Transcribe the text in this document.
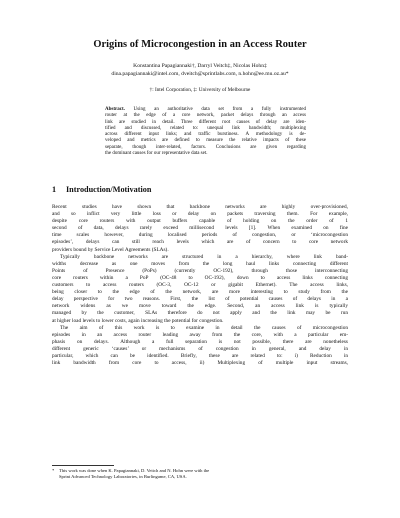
Origins of Microcongestion in an Access Router
Konstantina Papagiannaki†, Darryl Veitch‡, Nicolas Hohn‡
dina.papagiannaki@intel.com, dveitch@sprintlabs.com, n.hohn@ee.mu.oz.au*
†: Intel Corporation, ‡: University of Melbourne
Abstract. Using an authoritative data set from a fully instrumented
router at the edge of a core network, packet delays through an access
link are studied in detail. Three different root causes of delay are iden-
tified and discussed, related to: unequal link bandwidth; multiplexing
across different input links; and traffic burstiness. A methodology is de-
veloped and metrics are defined to measure the relative impacts of these
separate, though inter-related, factors. Conclusions are given regarding
the dominant causes for our representative data set.
1 Introduction/Motivation
Recent studies have shown that backbone networks are highly over-provisioned,
and so inflict very little loss or delay on packets traversing them. For example,
despite core routers with output buffers capable of holding on the order of 1
second of data, delays rarely exceed millisecond levels [1]. When examined on fine
time scales however, during localised periods of congestion, or ‘microcongestion
episodes’, delays can still reach levels which are of concern to core network
providers bound by Service Level Agreements (SLAs).
Typically backbone networks are structured in a hierarchy, where link band-
widths decrease as one moves from the long haul links connecting different
Points of Presence (PoPs) (currently OC-192), through those interconnecting
core routers within a PoP (OC-48 to OC-192), down to access links connecting
customers to access routers (OC-3, OC-12 or gigabit Ethernet). The access links,
being closer to the edge of the network, are more interesting to study from the
delay perspective for two reasons. First, the list of potential causes of delays in a
network widens as we move toward the edge. Second, an access link is typically
managed by the customer, SLAs therefore do not apply and the link may be run
at higher load levels to lower costs, again increasing the potential for congestion.
The aim of this work is to examine in detail the causes of microcongestion
episodes in an access router leading away from the core, with a particular em-
phasis on delays. Although a full separation is not possible, there are nonetheless
different generic ‘causes’ or mechanisms of congestion in general, and delay in
particular, which can be identified. Briefly, these are related to: i) Reduction in
link bandwidth from core to access, ii) Multiplexing of multiple input streams,
* This work was done when K. Papagiannaki, D. Veitch and N. Hohn were with the
Sprint Advanced Technology Laboratories, in Burlingame, CA, USA.
